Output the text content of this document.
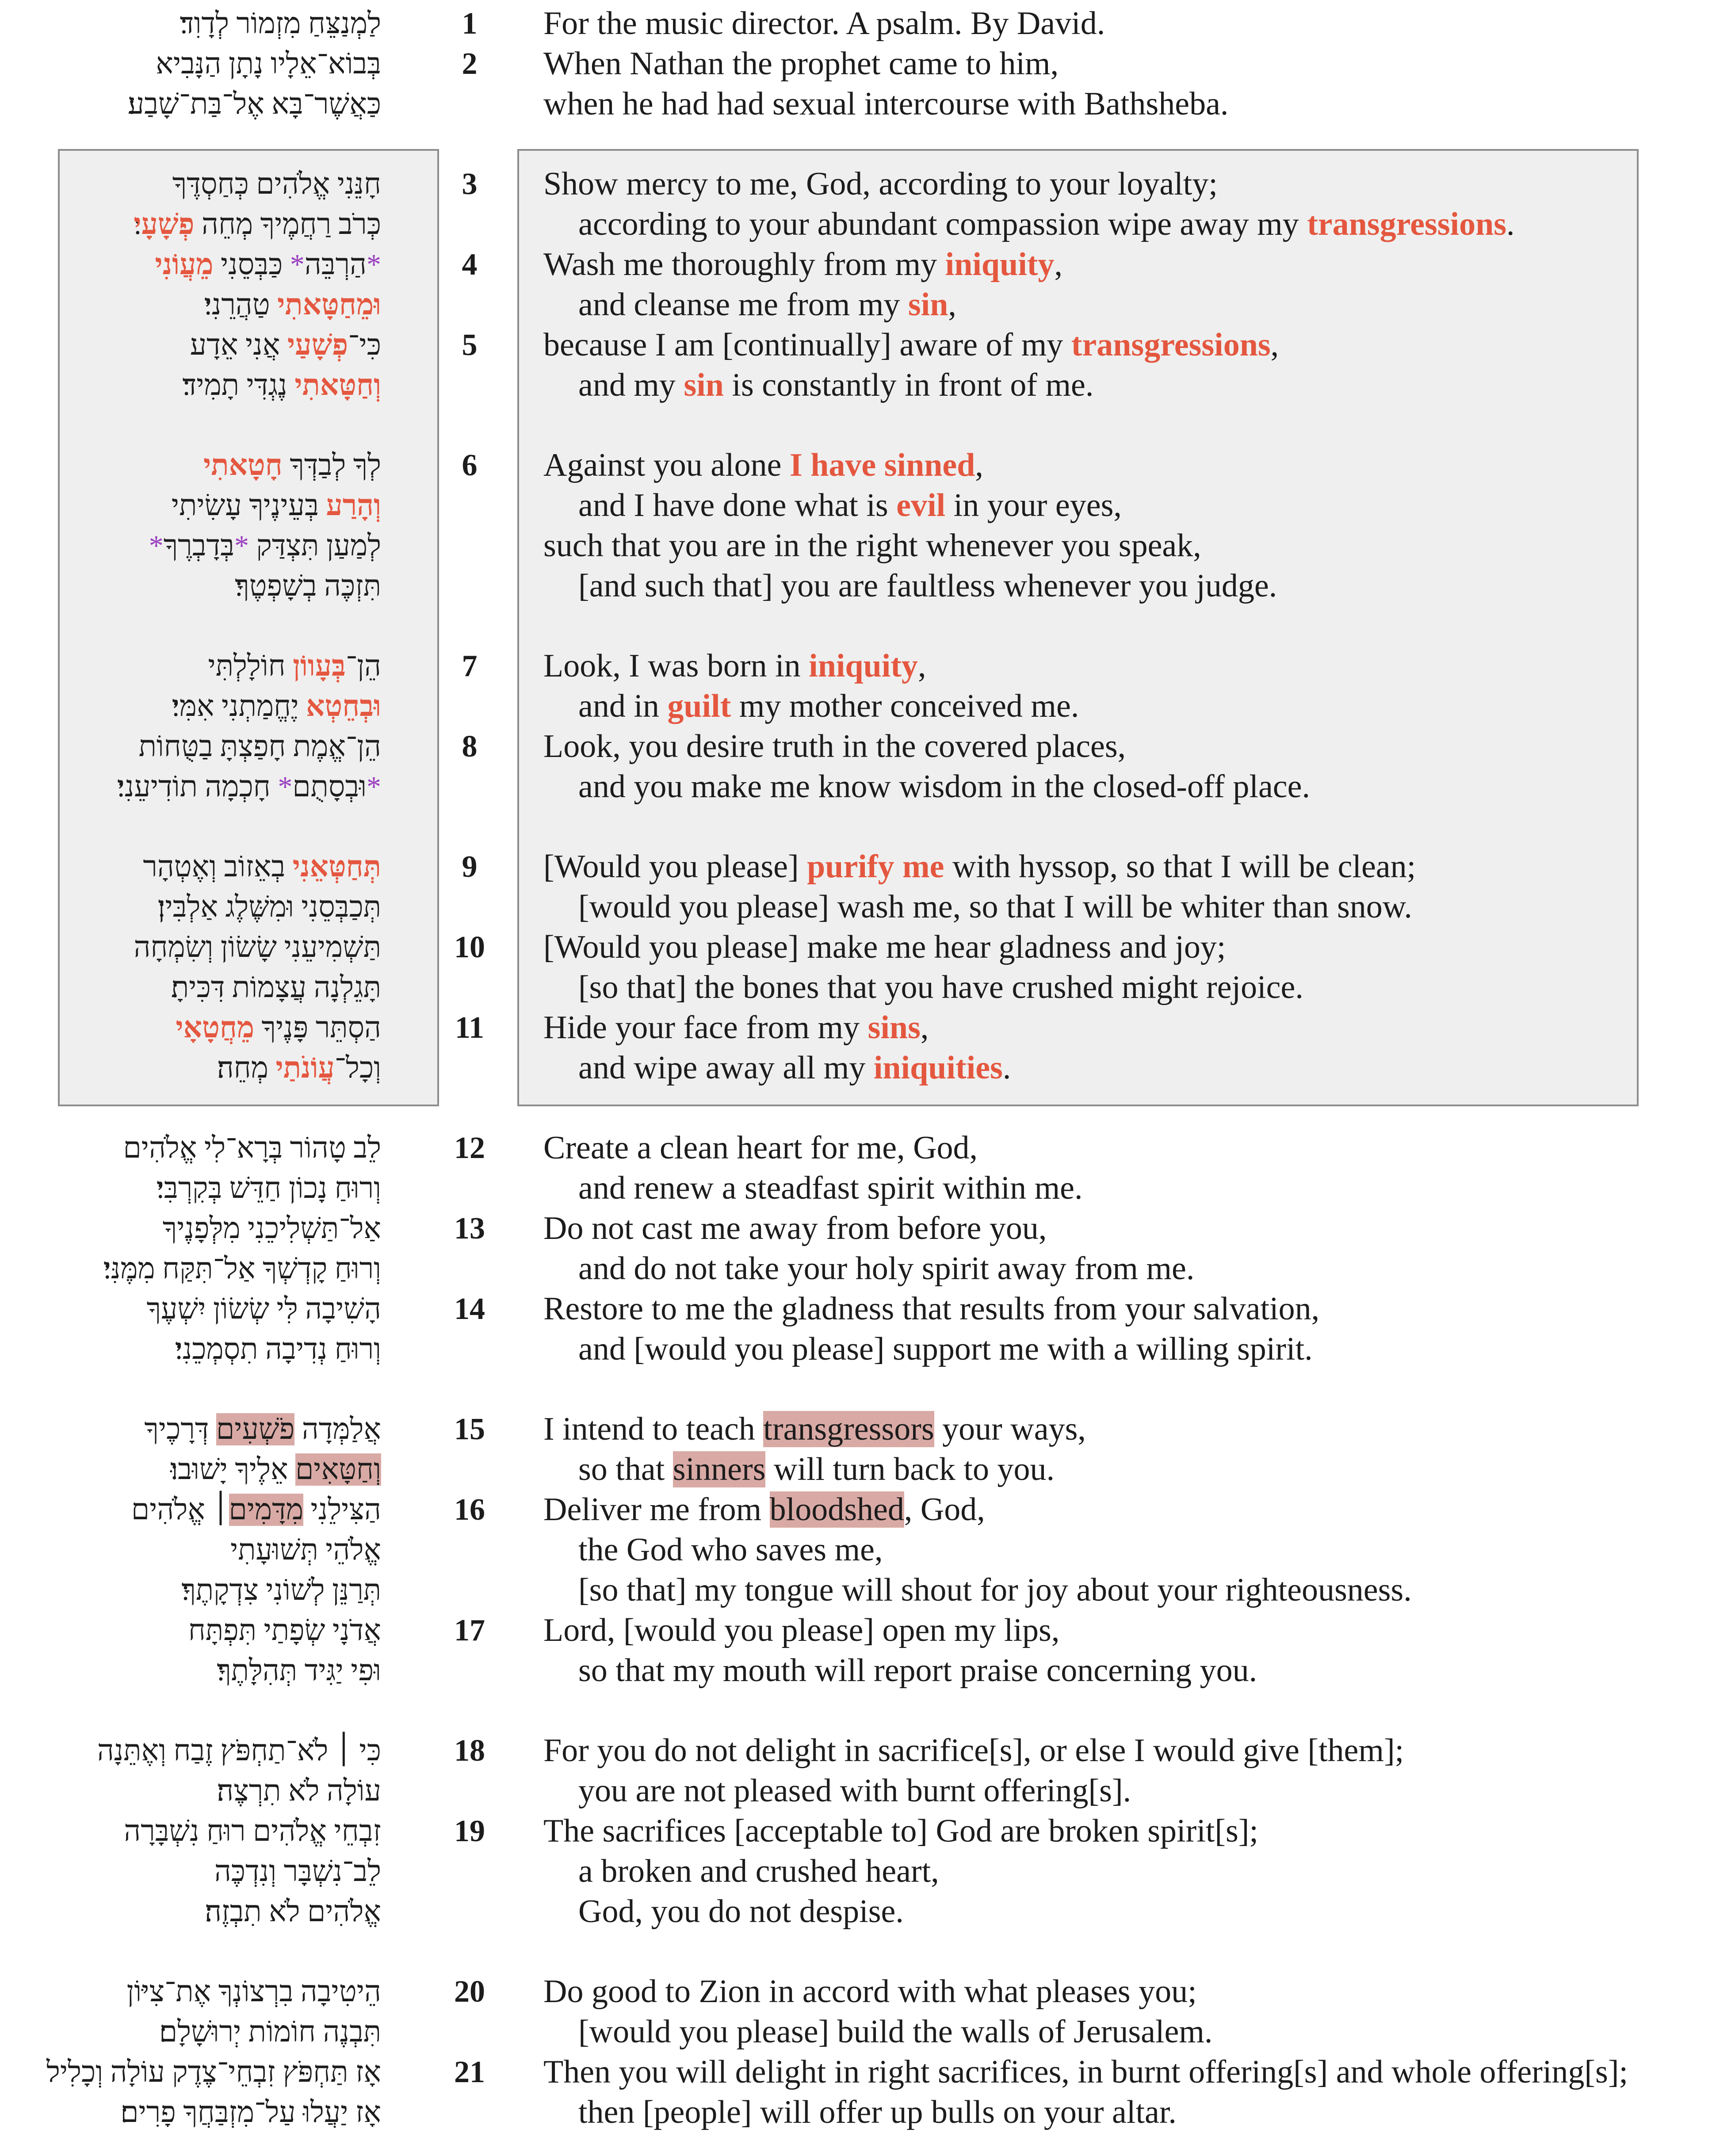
לַמְנַצֵּחַ מִזְמוֹר לְדָוִד׃	1	For the music director. A psalm. By David.
בְּבוֹא־אֵלָיו נָתָן הַנָּבִיא	2	When Nathan the prophet came to him,
כַּאֲשֶׁר־בָּא אֶל־בַּת־שָׁבַע׃	when he had had sexual intercourse with Bathsheba.
חָנֵּנִי אֱלֹהִים כְּחַסְדֶּךָ	3	Show mercy to me, God, according to your loyalty;
כְּרֹב רַחֲמֶיךָ מְחֵה פְשָׁעָי	according to your abundant compassion wipe away my transgressions.
*הַרְבֵּה* כַּבְּסֵנִי מֵעֲוֹנִי	4	Wash me thoroughly from my iniquity,
וּמֵחַטָּאתִי טַהֲרֵנִי׃	and cleanse me from my sin,
כִּי־פְשָׁעַי אֲנִי אֵדָע	5	because I am [continually] aware of my transgressions,
וְחַטָּאתִי נֶגְדִּי תָמִיד׃	and my sin is constantly in front of me.
לְךָ לְבַדְּךָ חָטָאתִי	6	Against you alone I have sinned,
וְהָרַע בְּעֵינֶיךָ עָשִׂיתִי	and I have done what is evil in your eyes,
לְמַעַן תִּצְדַּק *בְּדָבְרֶךָ*	such that you are in the right whenever you speak,
תִּזְכֶּה בְשָׁפְטֶךָ׃	[and such that] you are faultless whenever you judge.
הֵן־בְּעָווֹן חוֹלָלְתִּי	7	Look, I was born in iniquity,
וּבְחֵטְא יֶחֱמַתְנִי אִמִּי׃	and in guilt my mother conceived me.
הֵן־אֱמֶת חָפַצְתָּ בַטֻּחוֹת	8	Look, you desire truth in the covered places,
*וּבְסָתֻם* חָכְמָה תוֹדִיעֵנִי׃	and you make me know wisdom in the closed-off place.
תְּחַטְּאֵנִי בְאֵזוֹב וְאֶטְהָר	9	[Would you please] purify me with hyssop, so that I will be clean;
תְּכַבְּסֵנִי וּמִשֶּׁלֶג אַלְבִּין׃	[would you please] wash me, so that I will be whiter than snow.
תַּשְׁמִיעֵנִי שָׂשׂוֹן וְשִׂמְחָה	10	[Would you please] make me hear gladness and joy;
תָּגֵלְנָה עֲצָמוֹת דִּכִּיתָ׃	[so that] the bones that you have crushed might rejoice.
הַסְתֵּר פָּנֶיךָ מֵחֲטָאָי	11	Hide your face from my sins,
וְכָל־עֲוֹנֹתַי מְחֵה׃	and wipe away all my iniquities.
לֵב טָהוֹר בְּרָא־לִי אֱלֹהִים	12	Create a clean heart for me, God,
וְרוּחַ נָכוֹן חַדֵּשׁ בְּקִרְבִּי׃	and renew a steadfast spirit within me.
אַל־תַּשְׁלִיכֵנִי מִלְּפָנֶיךָ	13	Do not cast me away from before you,
וְרוּחַ קָדְשְׁךָ אַל־תִּקַּח מִמֶּנִּי׃	and do not take your holy spirit away from me.
הָשִׁיבָה לִּי שְׂשׂוֹן יִשְׁעֶךָ	14	Restore to me the gladness that results from your salvation,
וְרוּחַ נְדִיבָה תִסְמְכֵנִי׃	and [would you please] support me with a willing spirit.
אֲלַמְּדָה פֹשְׁעִים דְּרָכֶיךָ	15	I intend to teach transgressors your ways,
וְחַטָּאִים אֵלֶיךָ יָשׁוּבוּ׃	so that sinners will turn back to you.
הַצִּילֵנִי מִדָּמִים׀ אֱלֹהִים	16	Deliver me from bloodshed, God,
אֱלֹהֵי תְּשׁוּעָתִי	the God who saves me,
תְּרַנֵּן לְשׁוֹנִי צִדְקָתֶךָ׃	[so that] my tongue will shout for joy about your righteousness.
אֲדֹנָי שְׂפָתַי תִּפְתָּח	17	Lord, [would you please] open my lips,
וּפִי יַגִּיד תְּהִלָּתֶךָ׃	so that my mouth will report praise concerning you.
כִּי ׀ לֹא־תַחְפֹּץ זֶבַח וְאֶתֵּנָה	18	For you do not delight in sacrifice[s], or else I would give [them];
עוֹלָה לֹא תִרְצֶה׃	you are not pleased with burnt offering[s].
זִבְחֵי אֱלֹהִים רוּחַ נִשְׁבָּרָה	19	The sacrifices [acceptable to] God are broken spirit[s];
לֵב־נִשְׁבָּר וְנִדְכֶּה	a broken and crushed heart,
אֱלֹהִים לֹא תִבְזֶה׃	God, you do not despise.
הֵיטִיבָה בִרְצוֹנְךָ אֶת־צִיּוֹן	20	Do good to Zion in accord with what pleases you;
תִּבְנֶה חוֹמוֹת יְרוּשָׁלָם׃	[would you please] build the walls of Jerusalem.
אָז תַּחְפֹּץ זִבְחֵי־צֶדֶק עוֹלָה וְכָלִיל	21	Then you will delight in right sacrifices, in burnt offering[s] and whole offering[s];
אָז יַעֲלוּ עַל־מִזְבַּחֲךָ פָרִים׃	then [people] will offer up bulls on your altar.
